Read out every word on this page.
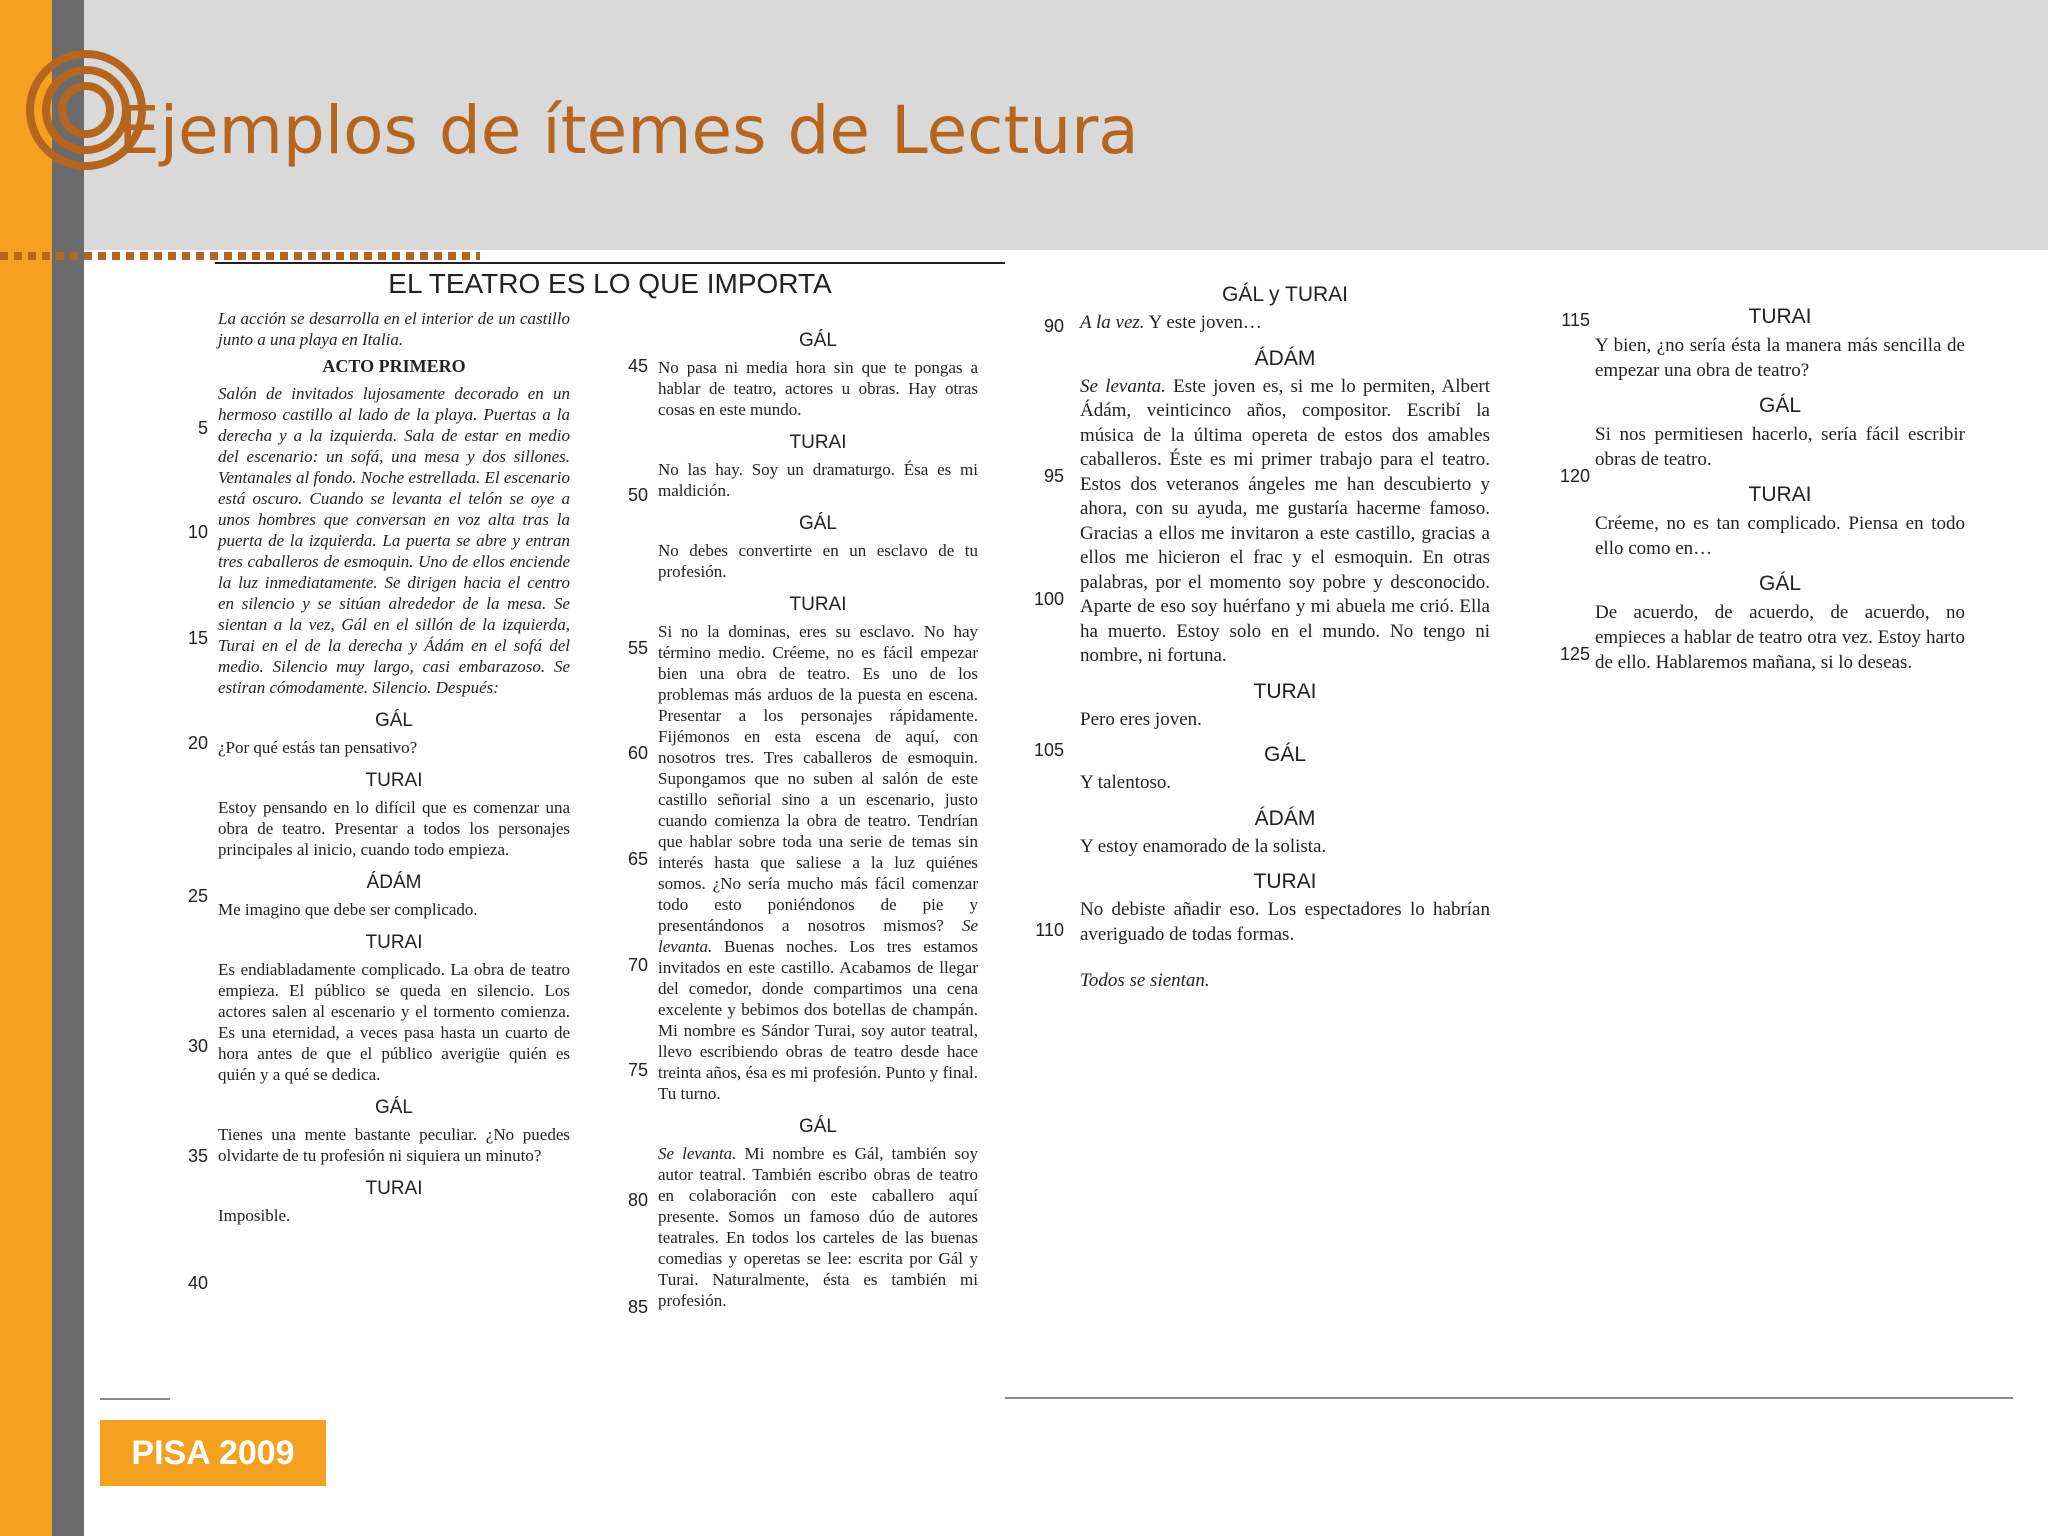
Ejemplos de ítemes de Lectura
PISA 2009
EL TEATRO ES LO QUE IMPORTA

La acción se desarrolla en el interior de un castillo junto a una playa en Italia.

ACTO PRIMERO

Salón de invitados lujosamente decorado en un hermoso castillo al lado de la playa. Puertas a la derecha y a la izquierda. Sala de estar en medio del escenario: un sofá, una mesa y dos sillones. Ventanales al fondo. Noche estrellada. El escenario está oscuro. Cuando se levanta el telón se oye a unos hombres que conversan en voz alta tras la puerta de la izquierda. La puerta se abre y entran tres caballeros de esmoquin. Uno de ellos enciende la luz inmediatamente. Se dirigen hacia el centro en silencio y se sitúan alrededor de la mesa. Se sientan a la vez, Gál en el sillón de la izquierda, Turai en el de la derecha y Ádám en el sofá del medio. Silencio muy largo, casi embarazoso. Se estiran cómodamente. Silencio. Después:

GÁL

¿Por qué estás tan pensativo?

TURAI

Estoy pensando en lo difícil que es comenzar una obra de teatro. Presentar a todos los personajes principales al inicio, cuando todo empieza.

ÁDÁM

Me imagino que debe ser complicado.

TURAI

Es endiabladamente complicado. La obra de teatro empieza. El público se queda en silencio. Los actores salen al escenario y el tormento comienza. Es una eternidad, a veces pasa hasta un cuarto de hora antes de que el público averigüe quién es quién y a qué se dedica.

GÁL

Tienes una mente bastante peculiar. ¿No puedes olvidarte de tu profesión ni siquiera un minuto?

TURAI

Imposible.

5
10
15
20
25
30
35
40
GÁL

No pasa ni media hora sin que te pongas a hablar de teatro, actores u obras. Hay otras cosas en este mundo.

TURAI

No las hay. Soy un dramaturgo. Ésa es mi maldición.

GÁL

No debes convertirte en un esclavo de tu profesión.

TURAI

Si no la dominas, eres su esclavo. No hay término medio. Créeme, no es fácil empezar bien una obra de teatro. Es uno de los problemas más arduos de la puesta en escena. Presentar a los personajes rápidamente. Fijémonos en esta escena de aquí, con nosotros tres. Tres caballeros de esmoquin. Supongamos que no suben al salón de este castillo señorial sino a un escenario, justo cuando comienza la obra de teatro. Tendrían que hablar sobre toda una serie de temas sin interés hasta que saliese a la luz quiénes somos. ¿No sería mucho más fácil comenzar todo esto poniéndonos de pie y presentándonos a nosotros mismos? Se levanta. Buenas noches. Los tres estamos invitados en este castillo. Acabamos de llegar del comedor, donde compartimos una cena excelente y bebimos dos botellas de champán. Mi nombre es Sándor Turai, soy autor teatral, llevo escribiendo obras de teatro desde hace treinta años, ésa es mi profesión. Punto y final. Tu turno.

GÁL

Se levanta. Mi nombre es Gál, también soy autor teatral. También escribo obras de teatro en colaboración con este caballero aquí presente. Somos un famoso dúo de autores teatrales. En todos los carteles de las buenas comedias y operetas se lee: escrita por Gál y Turai. Naturalmente, ésta es también mi profesión.

45
50
55
60
65
70
75
80
85
GÁL y TURAI

A la vez. Y este joven…

ÁDÁM

Se levanta. Este joven es, si me lo permiten, Albert Ádám, veinticinco años, compositor. Escribí la música de la última opereta de estos dos amables caballeros. Éste es mi primer trabajo para el teatro. Estos dos veteranos ángeles me han descubierto y ahora, con su ayuda, me gustaría hacerme famoso. Gracias a ellos me invitaron a este castillo, gracias a ellos me hicieron el frac y el esmoquin. En otras palabras, por el momento soy pobre y desconocido. Aparte de eso soy huérfano y mi abuela me crió. Ella ha muerto. Estoy solo en el mundo. No tengo ni nombre, ni fortuna.

TURAI

Pero eres joven.

GÁL

Y talentoso.

ÁDÁM

Y estoy enamorado de la solista.

TURAI

No debiste añadir eso. Los espectadores lo habrían averiguado de todas formas.

Todos se sientan.

90
95
100
105
110
TURAI

Y bien, ¿no sería ésta la manera más sencilla de empezar una obra de teatro?

GÁL

Si nos permitiesen hacerlo, sería fácil escribir obras de teatro.

TURAI

Créeme, no es tan complicado. Piensa en todo ello como en…

GÁL

De acuerdo, de acuerdo, de acuerdo, no empieces a hablar de teatro otra vez. Estoy harto de ello. Hablaremos mañana, si lo deseas.

115
120
125
